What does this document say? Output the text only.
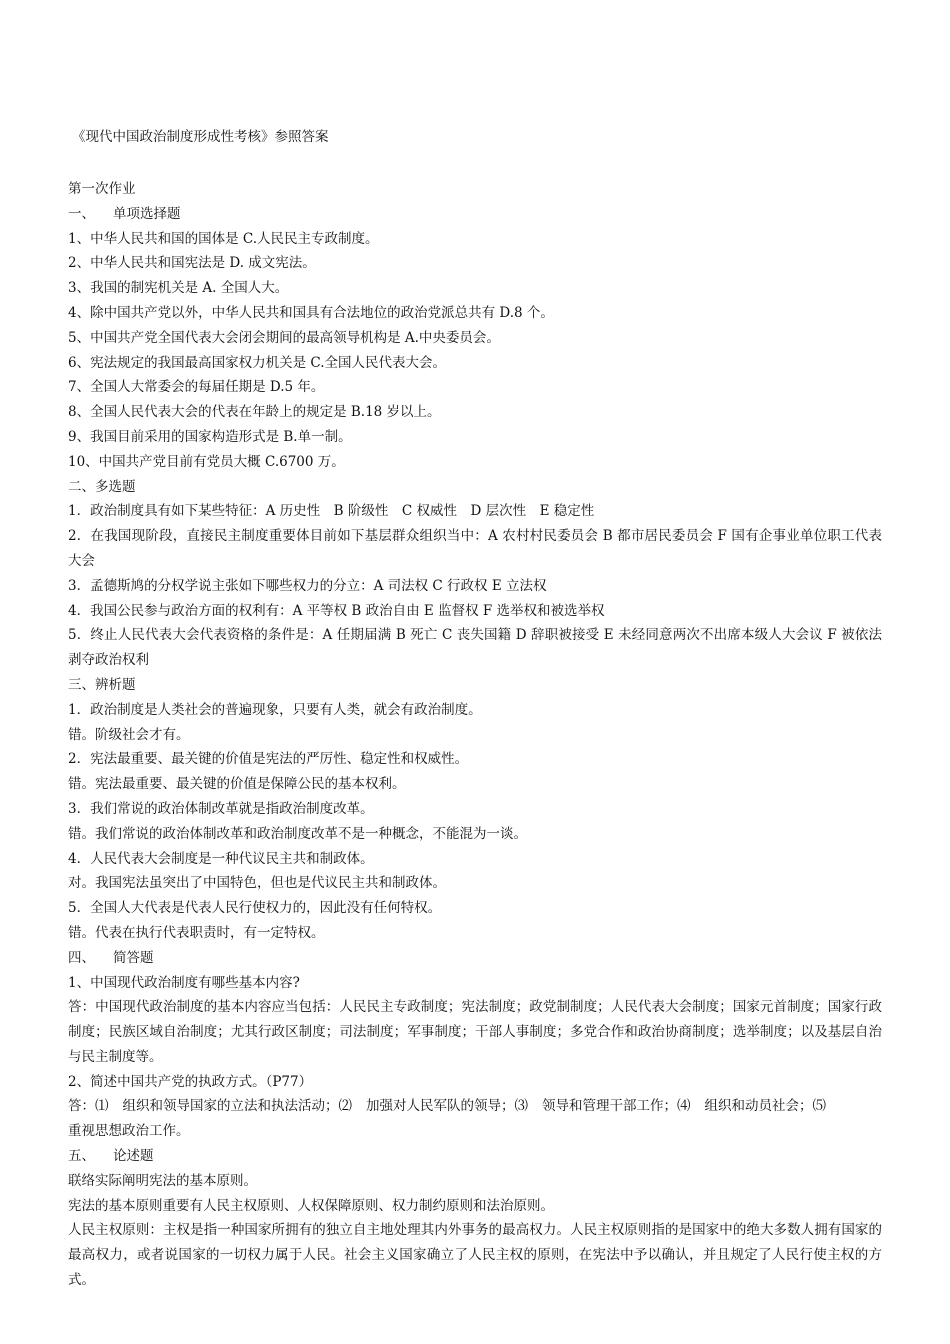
《现代中国政治制度形成性考核》参照答案
第一次作业
一、 单项选择题
1、中华人民共和国的国体是 C.人民民主专政制度。
2、中华人民共和国宪法是 D. 成文宪法。
3、我国的制宪机关是 A. 全国人大。
4、除中国共产党以外，中华人民共和国具有合法地位的政治党派总共有 D.8 个。
5、中国共产党全国代表大会闭会期间的最高领导机构是 A.中央委员会。
6、宪法规定的我国最高国家权力机关是 C.全国人民代表大会。
7、全国人大常委会的每届任期是 D.5 年。
8、全国人民代表大会的代表在年龄上的规定是 B.18 岁以上。
9、我国目前采用的国家构造形式是 B.单一制。
10、中国共产党目前有党员大概 C.6700 万。
二、多选题
1．政治制度具有如下某些特征：A 历史性　B 阶级性　C 权威性　D 层次性　E 稳定性
2．在我国现阶段，直接民主制度重要体目前如下基层群众组织当中：A 农村村民委员会 B 都市居民委员会 F 国有企事业单位职工代表大会
3．孟德斯鸠的分权学说主张如下哪些权力的分立：A 司法权 C 行政权 E 立法权
4．我国公民参与政治方面的权利有：A 平等权 B 政治自由 E 监督权 F 选举权和被选举权
5．终止人民代表大会代表资格的条件是：A 任期届满 B 死亡 C 丧失国籍 D 辞职被接受 E 未经同意两次不出席本级人大会议 F 被依法剥夺政治权利
三、辨析题
1．政治制度是人类社会的普遍现象，只要有人类，就会有政治制度。
错。阶级社会才有。
2．宪法最重要、最关键的价值是宪法的严厉性、稳定性和权威性。
错。宪法最重要、最关键的价值是保障公民的基本权利。
3．我们常说的政治体制改革就是指政治制度改革。
错。我们常说的政治体制改革和政治制度改革不是一种概念，不能混为一谈。
4．人民代表大会制度是一种代议民主共和制政体。
对。我国宪法虽突出了中国特色，但也是代议民主共和制政体。
5．全国人大代表是代表人民行使权力的，因此没有任何特权。
错。代表在执行代表职责时，有一定特权。
四、 简答题
1、中国现代政治制度有哪些基本内容?
答：中国现代政治制度的基本内容应当包括：人民民主专政制度；宪法制度；政党制制度；人民代表大会制度；国家元首制度；国家行政制度；民族区域自治制度；尤其行政区制度；司法制度；军事制度；干部人事制度；多党合作和政治协商制度；选举制度；以及基层自治与民主制度等。
2、简述中国共产党的执政方式。（P77）
答：⑴ 组织和领导国家的立法和执法活动；⑵ 加强对人民军队的领导；⑶ 领导和管理干部工作；⑷ 组织和动员社会；⑸
重视思想政治工作。
五、 论述题
联络实际阐明宪法的基本原则。
宪法的基本原则重要有人民主权原则、人权保障原则、权力制约原则和法治原则。
人民主权原则：主权是指一种国家所拥有的独立自主地处理其内外事务的最高权力。人民主权原则指的是国家中的绝大多数人拥有国家的最高权力，或者说国家的一切权力属于人民。社会主义国家确立了人民主权的原则，在宪法中予以确认，并且规定了人民行使主权的方式。
